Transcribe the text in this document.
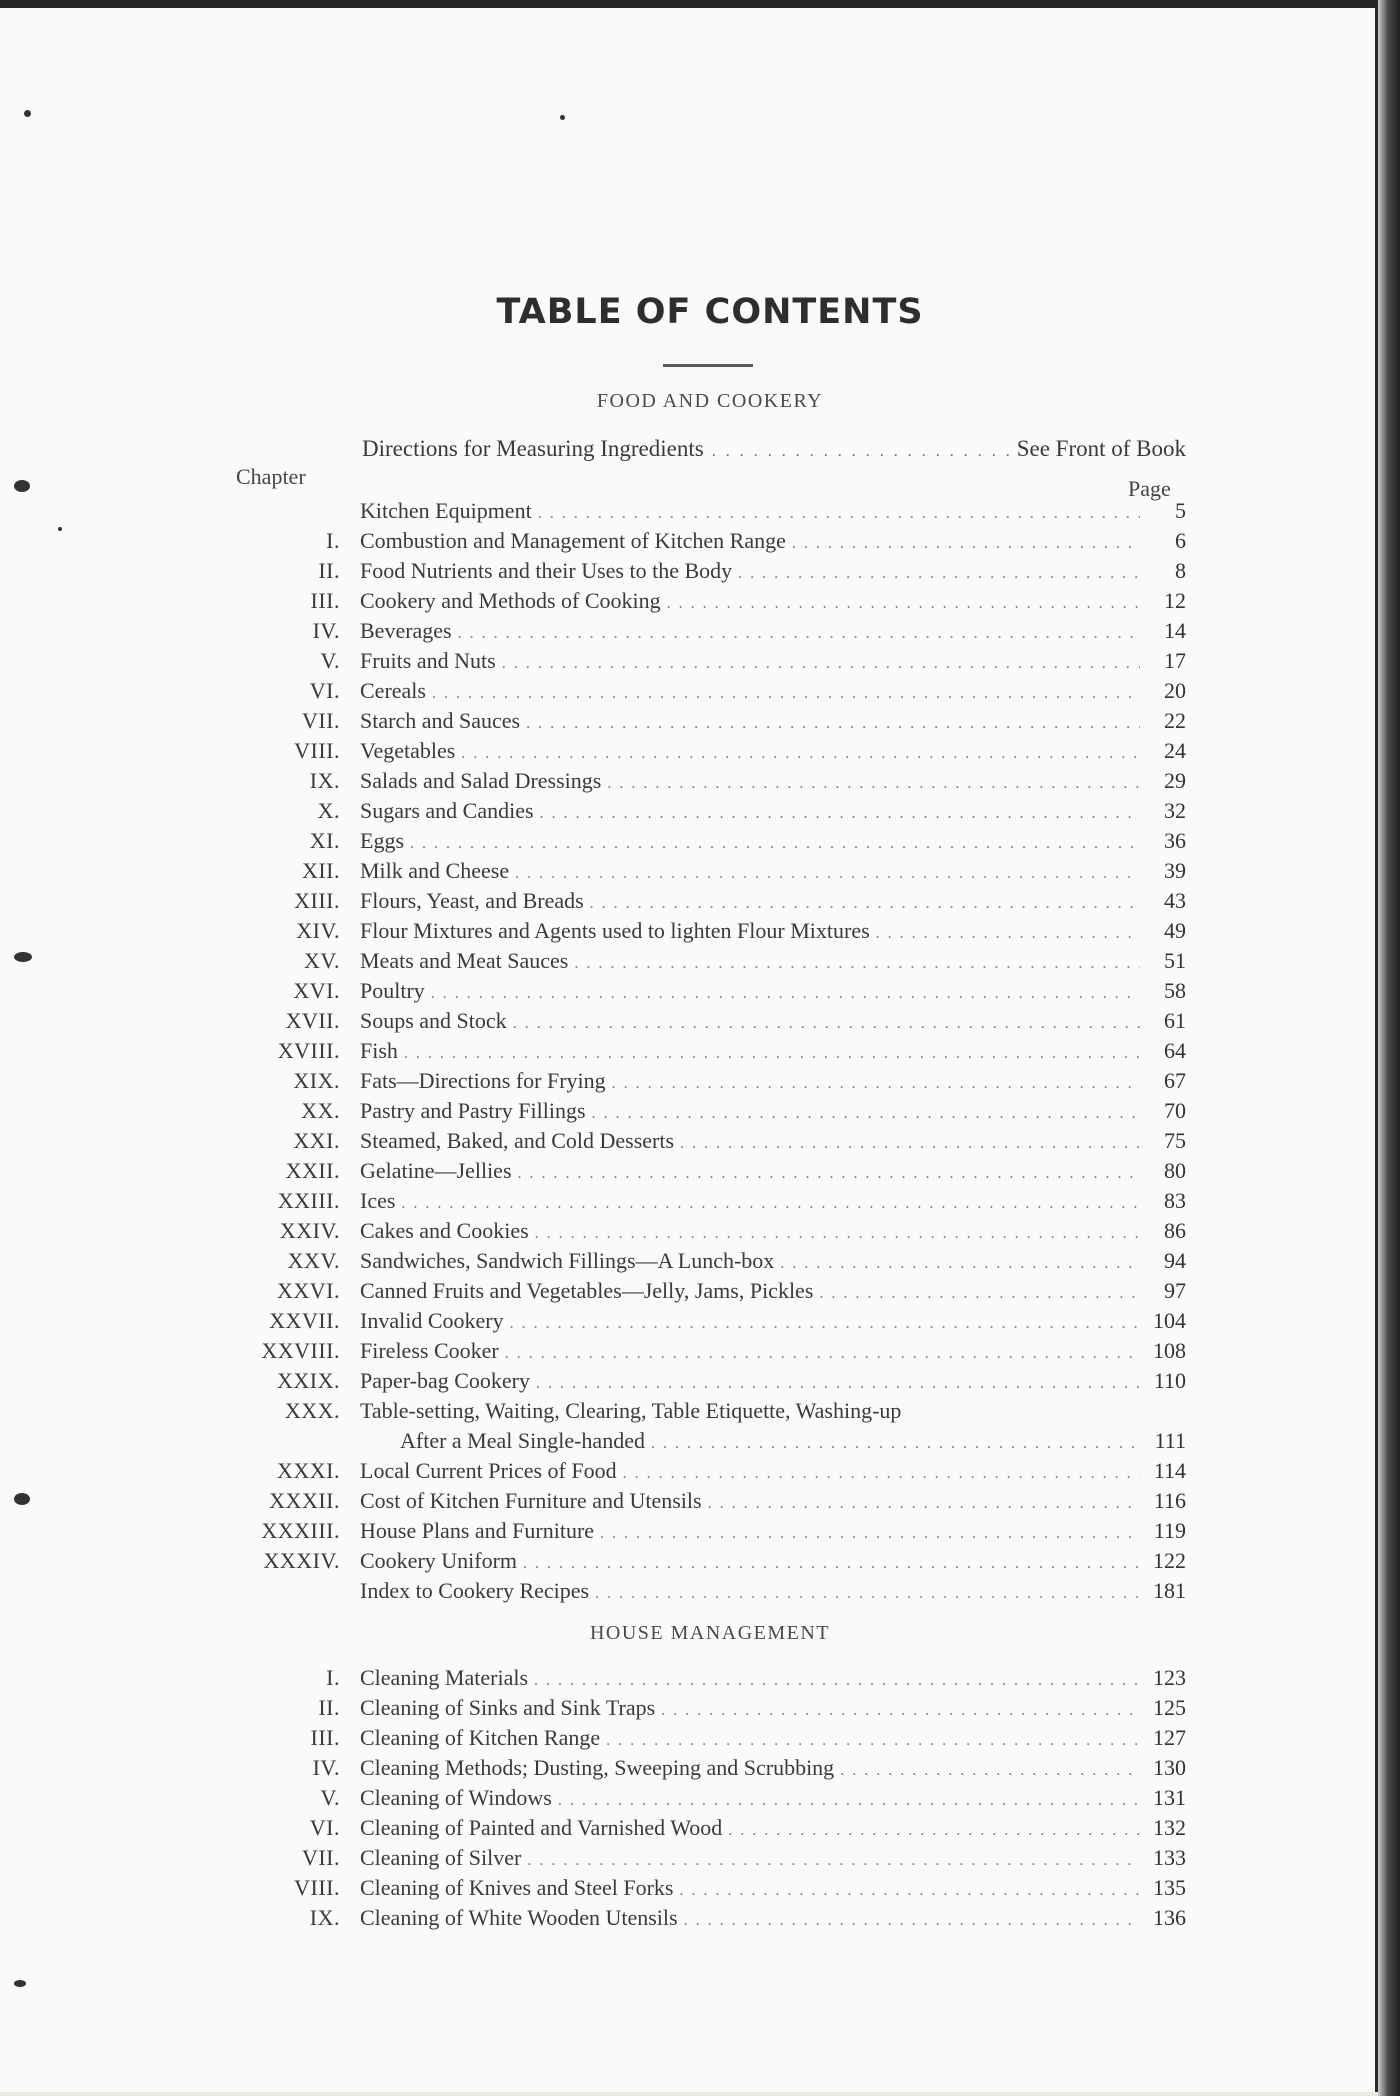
TABLE OF CONTENTS
FOOD AND COOKERY
Directions for Measuring Ingredients . . .	See Front of Book
Chapter	Page
Kitchen Equipment . . .	5
I. Combustion and Management of Kitchen Range . . .	6
II. Food Nutrients and their Uses to the Body . . .	8
III. Cookery and Methods of Cooking . . .	12
IV. Beverages . . .	14
V. Fruits and Nuts . . .	17
VI. Cereals . . .	20
VII. Starch and Sauces . . .	22
VIII. Vegetables . . .	24
IX. Salads and Salad Dressings . . .	29
X. Sugars and Candies . . .	32
XI. Eggs . . .	36
XII. Milk and Cheese . . .	39
XIII. Flours, Yeast, and Breads . . .	43
XIV. Flour Mixtures and Agents used to lighten Flour Mixtures . . .	49
XV. Meats and Meat Sauces . . .	51
XVI. Poultry . . .	58
XVII. Soups and Stock . . .	61
XVIII. Fish . . .	64
XIX. Fats—Directions for Frying . . .	67
XX. Pastry and Pastry Fillings . . .	70
XXI. Steamed, Baked, and Cold Desserts . . .	75
XXII. Gelatine—Jellies . . .	80
XXIII. Ices . . .	83
XXIV. Cakes and Cookies . . .	86
XXV. Sandwiches, Sandwich Fillings—A Lunch-box . . .	94
XXVI. Canned Fruits and Vegetables—Jelly, Jams, Pickles . . .	97
XXVII. Invalid Cookery . . .	104
XXVIII. Fireless Cooker . . .	108
XXIX. Paper-bag Cookery . . .	110
XXX. Table-setting, Waiting, Clearing, Table Etiquette, Washing-up
After a Meal Single-handed . . .	111
XXXI. Local Current Prices of Food . . .	114
XXXII. Cost of Kitchen Furniture and Utensils . . .	116
XXXIII. House Plans and Furniture . . .	119
XXXIV. Cookery Uniform . . .	122
Index to Cookery Recipes . . .	181
HOUSE MANAGEMENT
I. Cleaning Materials . . .	123
II. Cleaning of Sinks and Sink Traps . . .	125
III. Cleaning of Kitchen Range . . .	127
IV. Cleaning Methods; Dusting, Sweeping and Scrubbing . . .	130
V. Cleaning of Windows . . .	131
VI. Cleaning of Painted and Varnished Wood . . .	132
VII. Cleaning of Silver . . .	133
VIII. Cleaning of Knives and Steel Forks . . .	135
IX. Cleaning of White Wooden Utensils . . .	136
